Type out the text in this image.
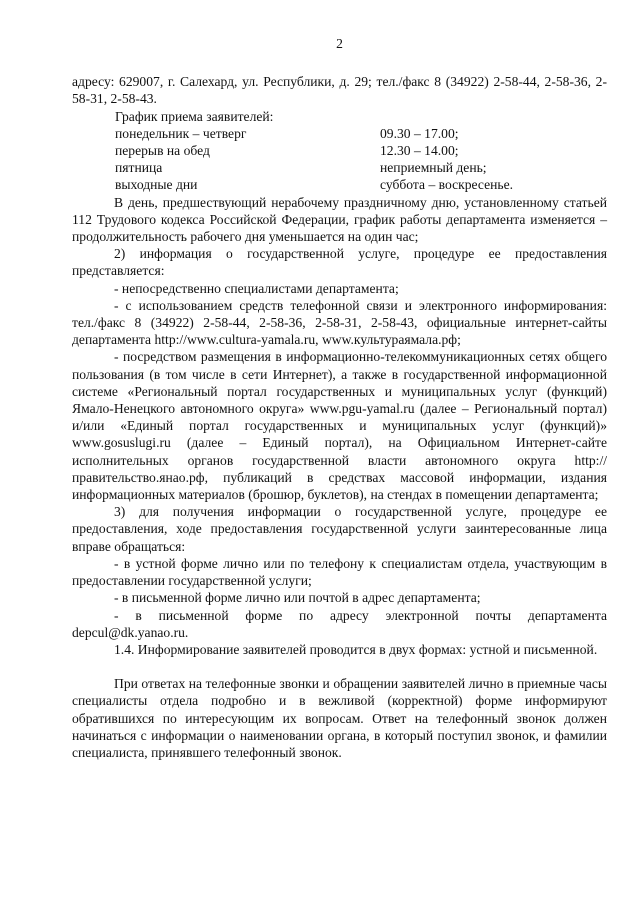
2
адресу: 629007, г. Салехард, ул. Республики, д. 29; тел./факс 8 (34922) 2-58-44, 2-58-36, 2-58-31, 2-58-43.
График приема заявителей:
понедельник – четверг	09.30 – 17.00;
перерыв на обед	12.30 – 14.00;
пятница	неприемный день;
выходные дни	суббота – воскресенье.
В день, предшествующий нерабочему праздничному дню, установленному статьей 112 Трудового кодекса Российской Федерации, график работы департамента изменяется – продолжительность рабочего дня уменьшается на один час;
2) информация о государственной услуге, процедуре ее предоставления представляется:
- непосредственно специалистами департамента;
- с использованием средств телефонной связи и электронного информирования: тел./факс 8 (34922) 2-58-44, 2-58-36, 2-58-31, 2-58-43, официальные интернет-сайты департамента http://www.cultura-yamala.ru, www.культураямала.рф;
- посредством размещения в информационно-телекоммуникационных сетях общего пользования (в том числе в сети Интернет), а также в государственной информационной системе «Региональный портал государственных и муниципальных услуг (функций) Ямало-Ненецкого автономного округа» www.pgu-yamal.ru (далее – Региональный портал) и/или «Единый портал государственных и муниципальных услуг (функций)» www.gosuslugi.ru (далее – Единый портал), на Официальном Интернет-сайте исполнительных органов государственной власти автономного округа http://правительство.янао.рф, публикаций в средствах массовой информации, издания информационных материалов (брошюр, буклетов), на стендах в помещении департамента;
3) для получения информации о государственной услуге, процедуре ее предоставления, ходе предоставления государственной услуги заинтересованные лица вправе обращаться:
- в устной форме лично или по телефону к специалистам отдела, участвующим в предоставлении государственной услуги;
- в письменной форме лично или почтой в адрес департамента;
- в письменной форме по адресу электронной почты департамента depcul@dk.yanao.ru.
1.4. Информирование заявителей проводится в двух формах: устной и письменной.
При ответах на телефонные звонки и обращении заявителей лично в приемные часы специалисты отдела подробно и в вежливой (корректной) форме информируют обратившихся по интересующим их вопросам. Ответ на телефонный звонок должен начинаться с информации о наименовании органа, в который поступил звонок, и фамилии специалиста, принявшего телефонный звонок.
